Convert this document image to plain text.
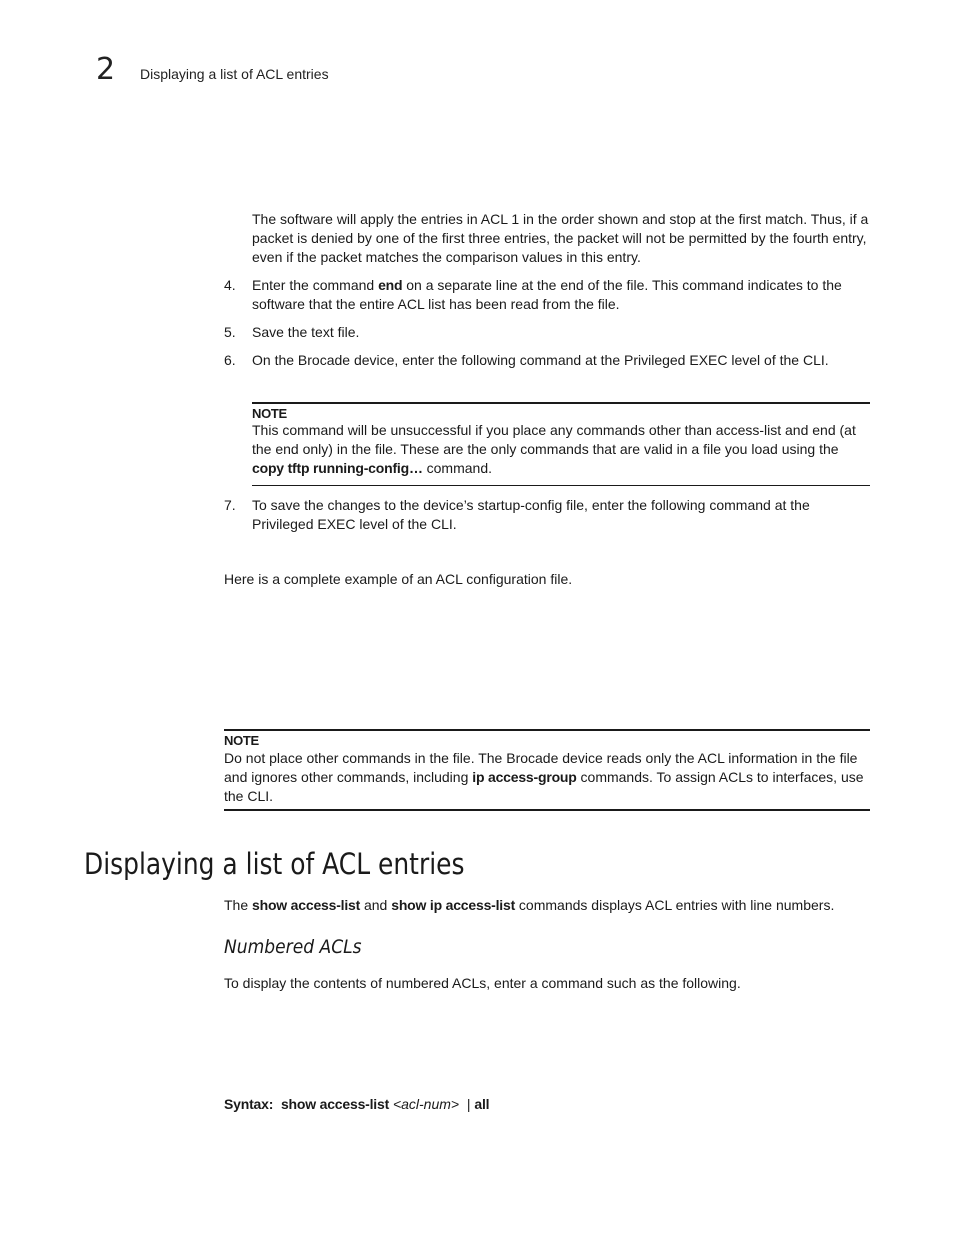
2 Displaying a list of ACL entries
The software will apply the entries in ACL 1 in the order shown and stop at the first match. Thus, if a packet is denied by one of the first three entries, the packet will not be permitted by the fourth entry, even if the packet matches the comparison values in this entry.
4. Enter the command end on a separate line at the end of the file. This command indicates to the software that the entire ACL list has been read from the file.
5. Save the text file.
6. On the Brocade device, enter the following command at the Privileged EXEC level of the CLI.
NOTE
This command will be unsuccessful if you place any commands other than access-list and end (at the end only) in the file. These are the only commands that are valid in a file you load using the copy tftp running-config… command.
7. To save the changes to the device’s startup-config file, enter the following command at the Privileged EXEC level of the CLI.
Here is a complete example of an ACL configuration file.
NOTE
Do not place other commands in the file. The Brocade device reads only the ACL information in the file and ignores other commands, including ip access-group commands. To assign ACLs to interfaces, use the CLI.
Displaying a list of ACL entries
The show access-list and show ip access-list commands displays ACL entries with line numbers.
Numbered ACLs
To display the contents of numbered ACLs, enter a command such as the following.
Syntax: show access-list <acl-num> | all
